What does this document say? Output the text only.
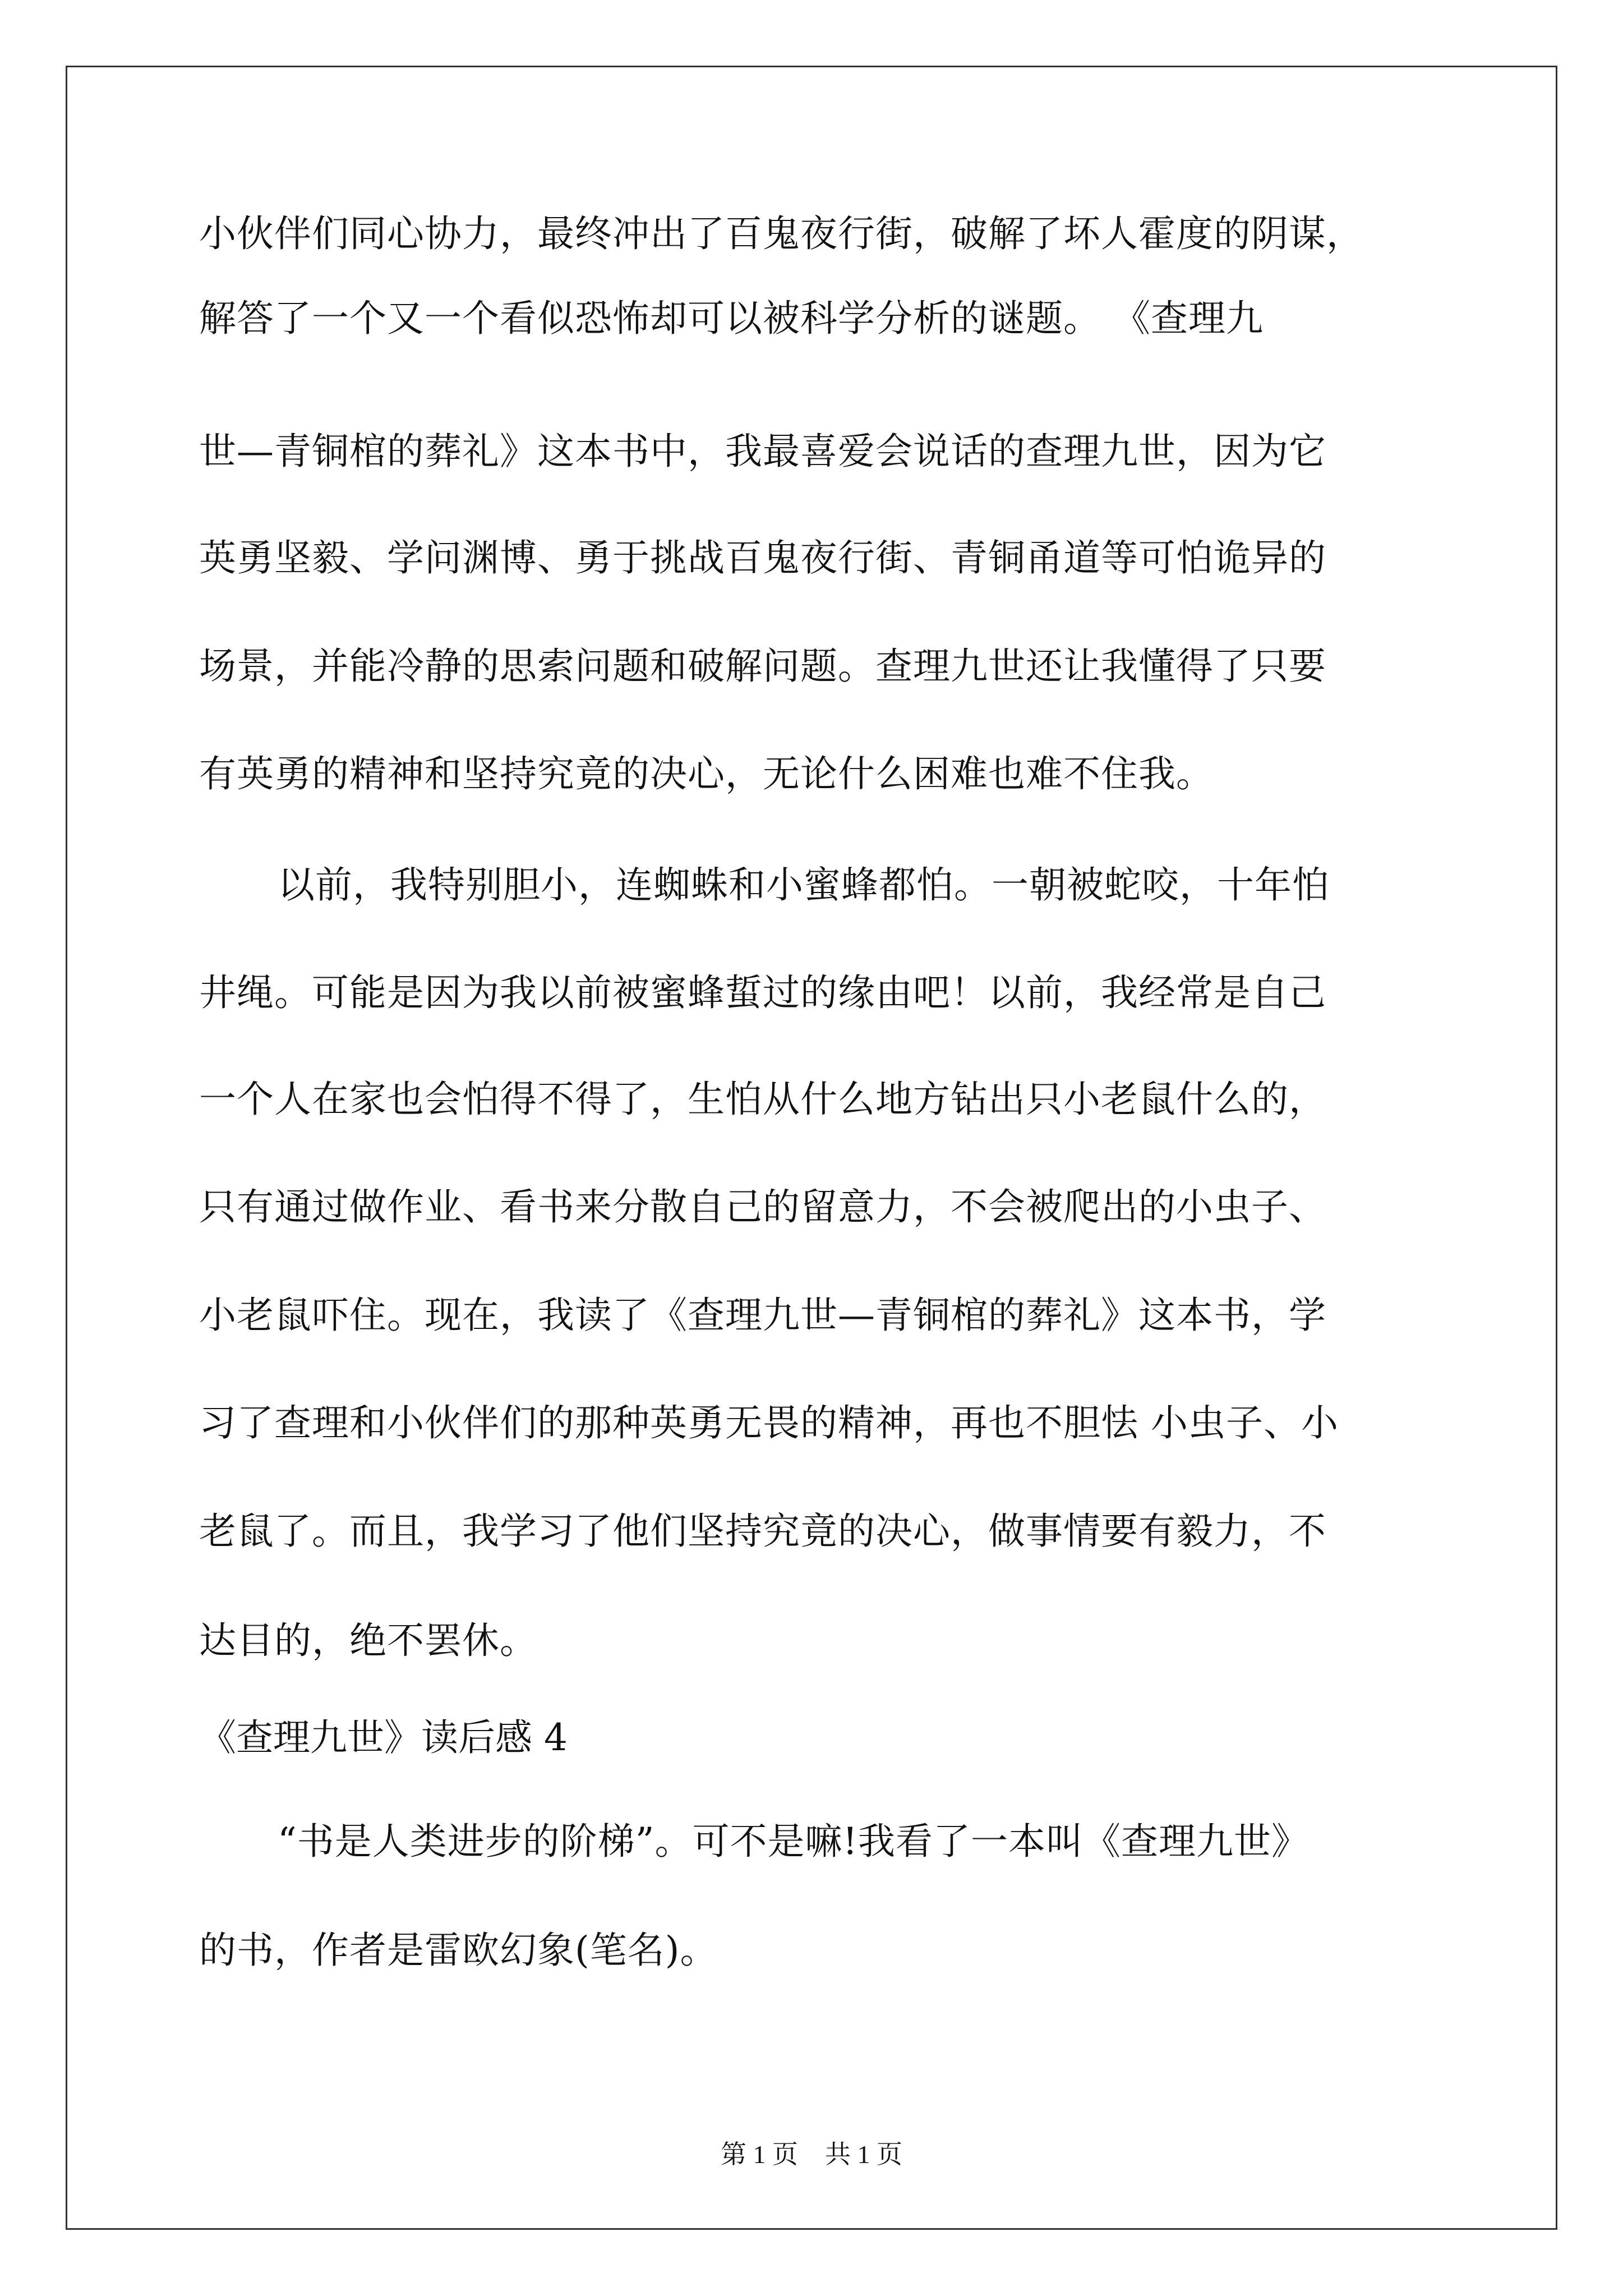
小伙伴们同心协力，最终冲出了百鬼夜行街，破解了坏人霍度的阴谋，
解答了一个又一个看似恐怖却可以被科学分析的谜题。 《查理九
世—青铜棺的葬礼》这本书中，我最喜爱会说话的查理九世，因为它
英勇坚毅、学问渊博、勇于挑战百鬼夜行街、青铜甬道等可怕诡异的
场景，并能冷静的思索问题和破解问题。查理九世还让我懂得了只要
有英勇的精神和坚持究竟的决心，无论什么困难也难不住我。
以前，我特别胆小，连蜘蛛和小蜜蜂都怕。一朝被蛇咬，十年怕
井绳。可能是因为我以前被蜜蜂蜇过的缘由吧！以前，我经常是自己
一个人在家也会怕得不得了，生怕从什么地方钻出只小老鼠什么的，
只有通过做作业、看书来分散自己的留意力，不会被爬出的小虫子、
小老鼠吓住。现在，我读了《查理九世—青铜棺的葬礼》这本书，学
习了查理和小伙伴们的那种英勇无畏的精神，再也不胆怯 小虫子、小
老鼠了。而且，我学习了他们坚持究竟的决心，做事情要有毅力，不
达目的，绝不罢休。
《查理九世》读后感 4
“书是人类进步的阶梯”。可不是嘛!我看了一本叫《查理九世》
的书，作者是雷欧幻象(笔名)。
第 1 页 共 1 页
